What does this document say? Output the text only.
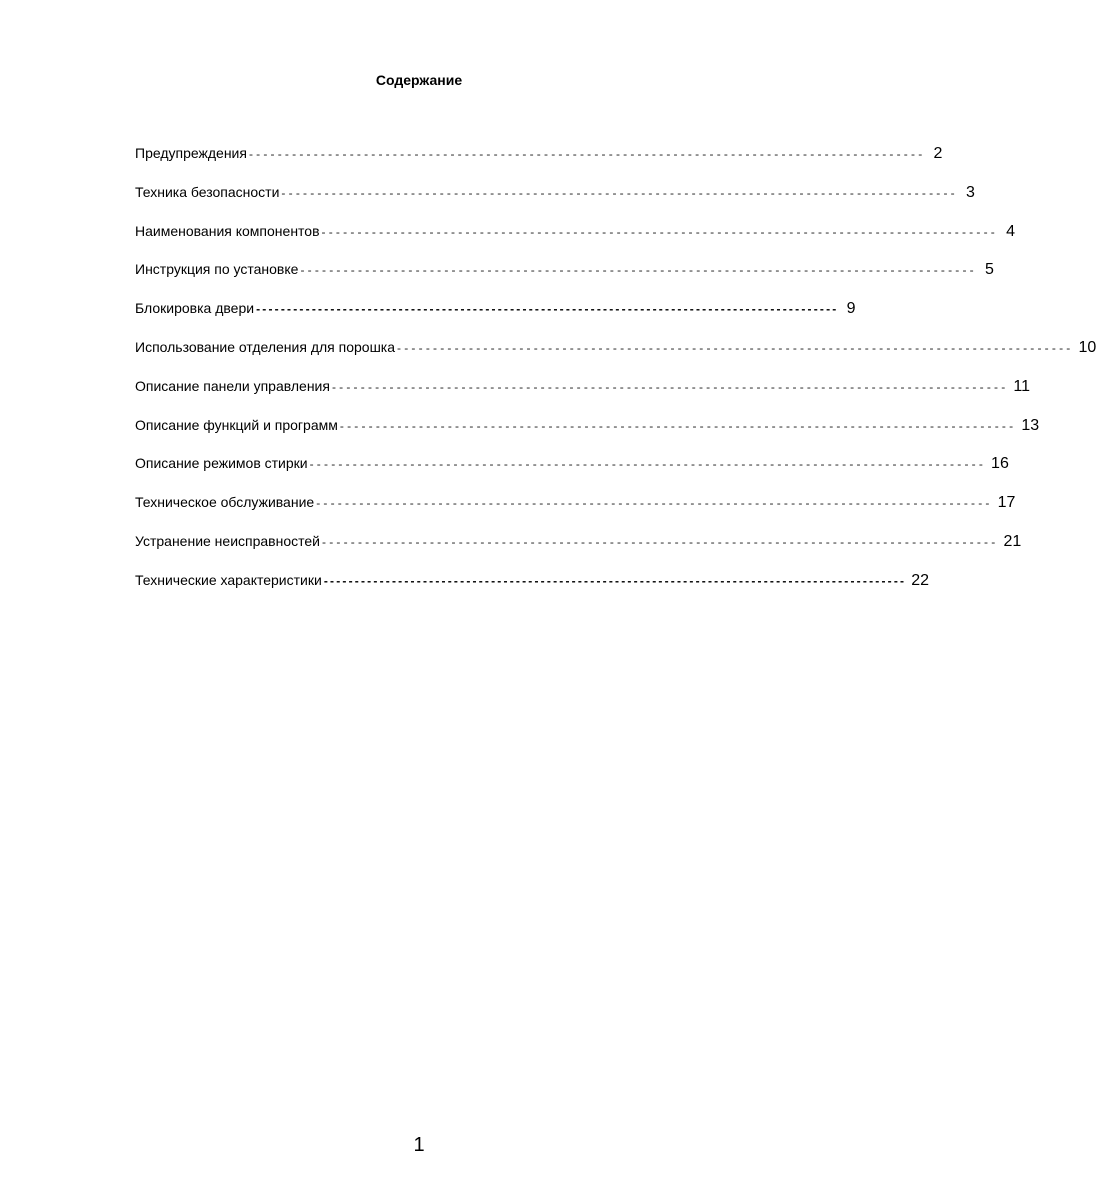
Содержание
Предупреждения ---------------------------------------------------------------------------------------------- 2
Техника безопасности ---------------------------------------------------------------------------------------------- 3
Наименования компонентов ---------------------------------------------------------------------------------------------- 4
Инструкция по установке ---------------------------------------------------------------------------------------------- 5
Блокировка двери ---------------------------------------------------------------------------------------------- 9
Использование отделения для порошка ---------------------------------------------------------------------------------------------- 10
Описание панели управления ---------------------------------------------------------------------------------------------- 11
Описание функций и программ ---------------------------------------------------------------------------------------------- 13
Описание режимов стирки ---------------------------------------------------------------------------------------------- 16
Техническое обслуживание ---------------------------------------------------------------------------------------------- 17
Устранение неисправностей ---------------------------------------------------------------------------------------------- 21
Технические характеристики ---------------------------------------------------------------------------------------------- 22
1
